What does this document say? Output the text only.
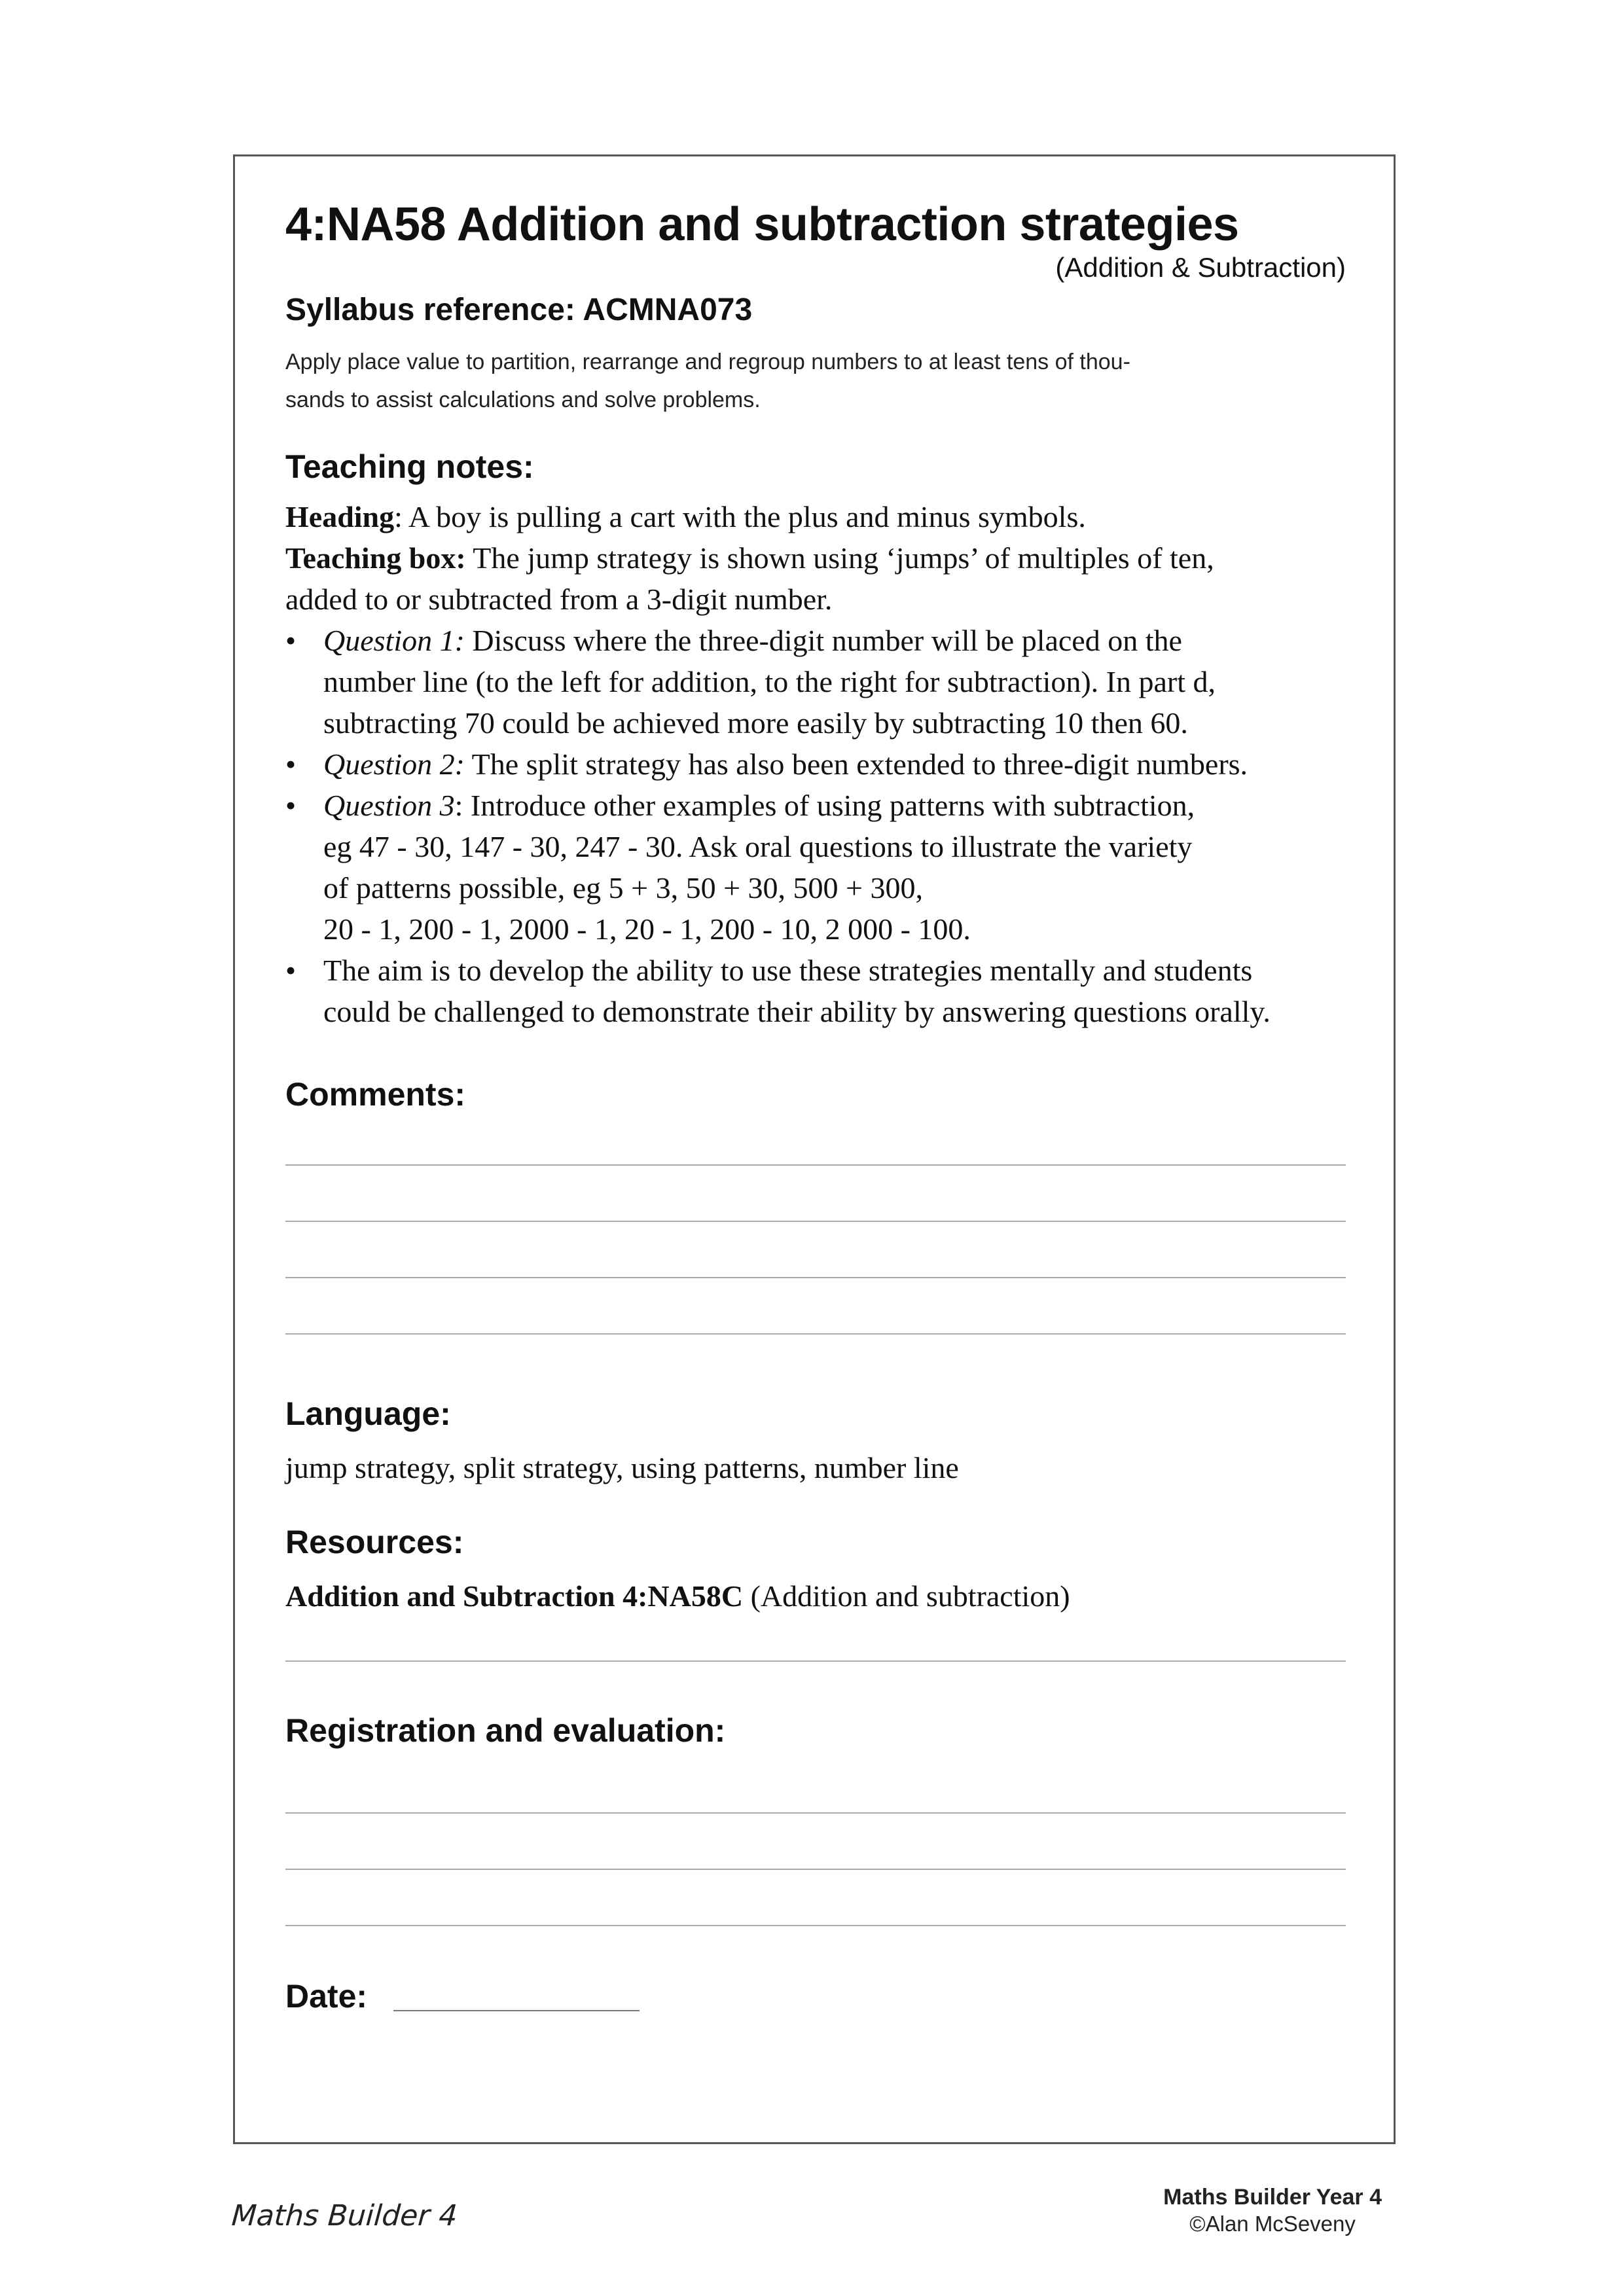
4:NA58 Addition and subtraction strategies
(Addition & Subtraction)
Syllabus reference: ACMNA073
Apply place value to partition, rearrange and regroup numbers to at least tens of thou-
sands to assist calculations and solve problems.
Teaching notes:
Heading: A boy is pulling a cart with the plus and minus symbols.
Teaching box: The jump strategy is shown using ‘jumps’ of multiples of ten,
added to or subtracted from a 3-digit number.
• Question 1: Discuss where the three-digit number will be placed on the
number line (to the left for addition, to the right for subtraction). In part d,
subtracting 70 could be achieved more easily by subtracting 10 then 60.
• Question 2: The split strategy has also been extended to three-digit numbers.
• Question 3: Introduce other examples of using patterns with subtraction,
eg 47 - 30, 147 - 30, 247 - 30. Ask oral questions to illustrate the variety
of patterns possible, eg 5 + 3, 50 + 30, 500 + 300,
20 - 1, 200 - 1, 2000 - 1, 20 - 1, 200 - 10, 2 000 - 100.
• The aim is to develop the ability to use these strategies mentally and students
could be challenged to demonstrate their ability by answering questions orally.
Comments:
Language:
jump strategy, split strategy, using patterns, number line
Resources:
Addition and Subtraction 4:NA58C (Addition and subtraction)
Registration and evaluation:
Date:
Maths Builder 4
Maths Builder Year 4
©Alan McSeveny
